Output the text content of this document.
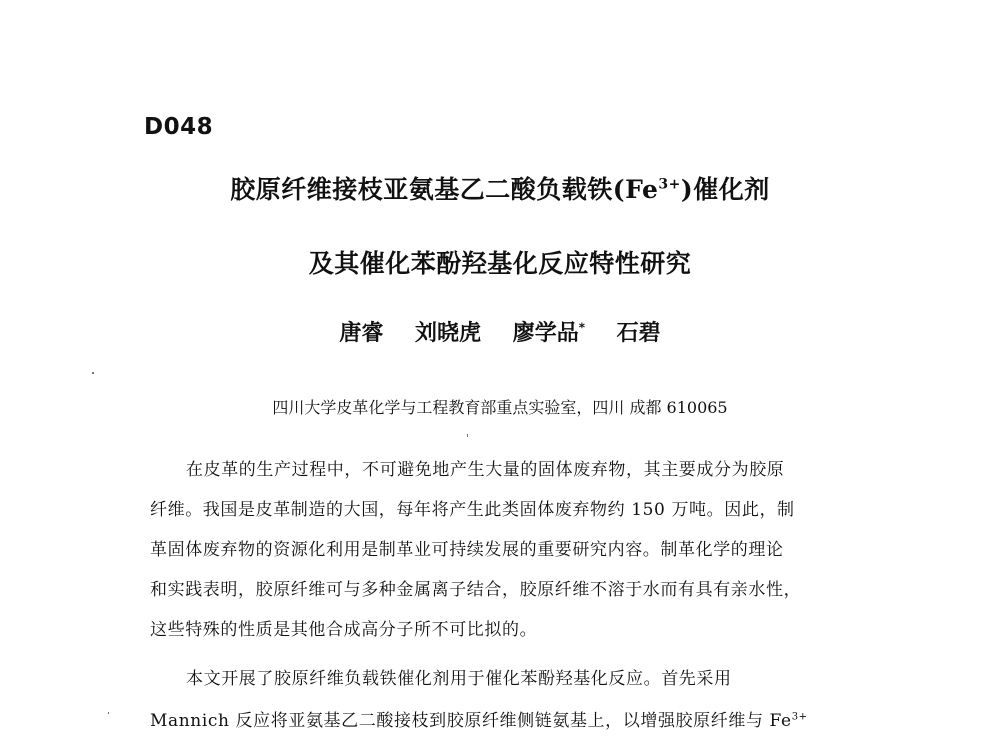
D048
胶原纤维接枝亚氨基乙二酸负载铁$(Fe^{3+})$催化剂
及其催化苯酚羟基化反应特性研究
唐睿 刘晓虎 廖学品* 石碧
四川大学皮革化学与工程教育部重点实验室，四川 成都 610065
在皮革的生产过程中，不可避免地产生大量的固体废弃物，其主要成分为胶原
纤维。我国是皮革制造的大国，每年将产生此类固体废弃物约 150 万吨。因此，制
革固体废弃物的资源化利用是制革业可持续发展的重要研究内容。制革化学的理论
和实践表明，胶原纤维可与多种金属离子结合，胶原纤维不溶于水而有具有亲水性，
这些特殊的性质是其他合成高分子所不可比拟的。
本文开展了胶原纤维负载铁催化剂用于催化苯酚羟基化反应。首先采用
Mannich 反应将亚氨基乙二酸接枝到胶原纤维侧链氨基上，以增强胶原纤维与 $Fe^{3+}$
